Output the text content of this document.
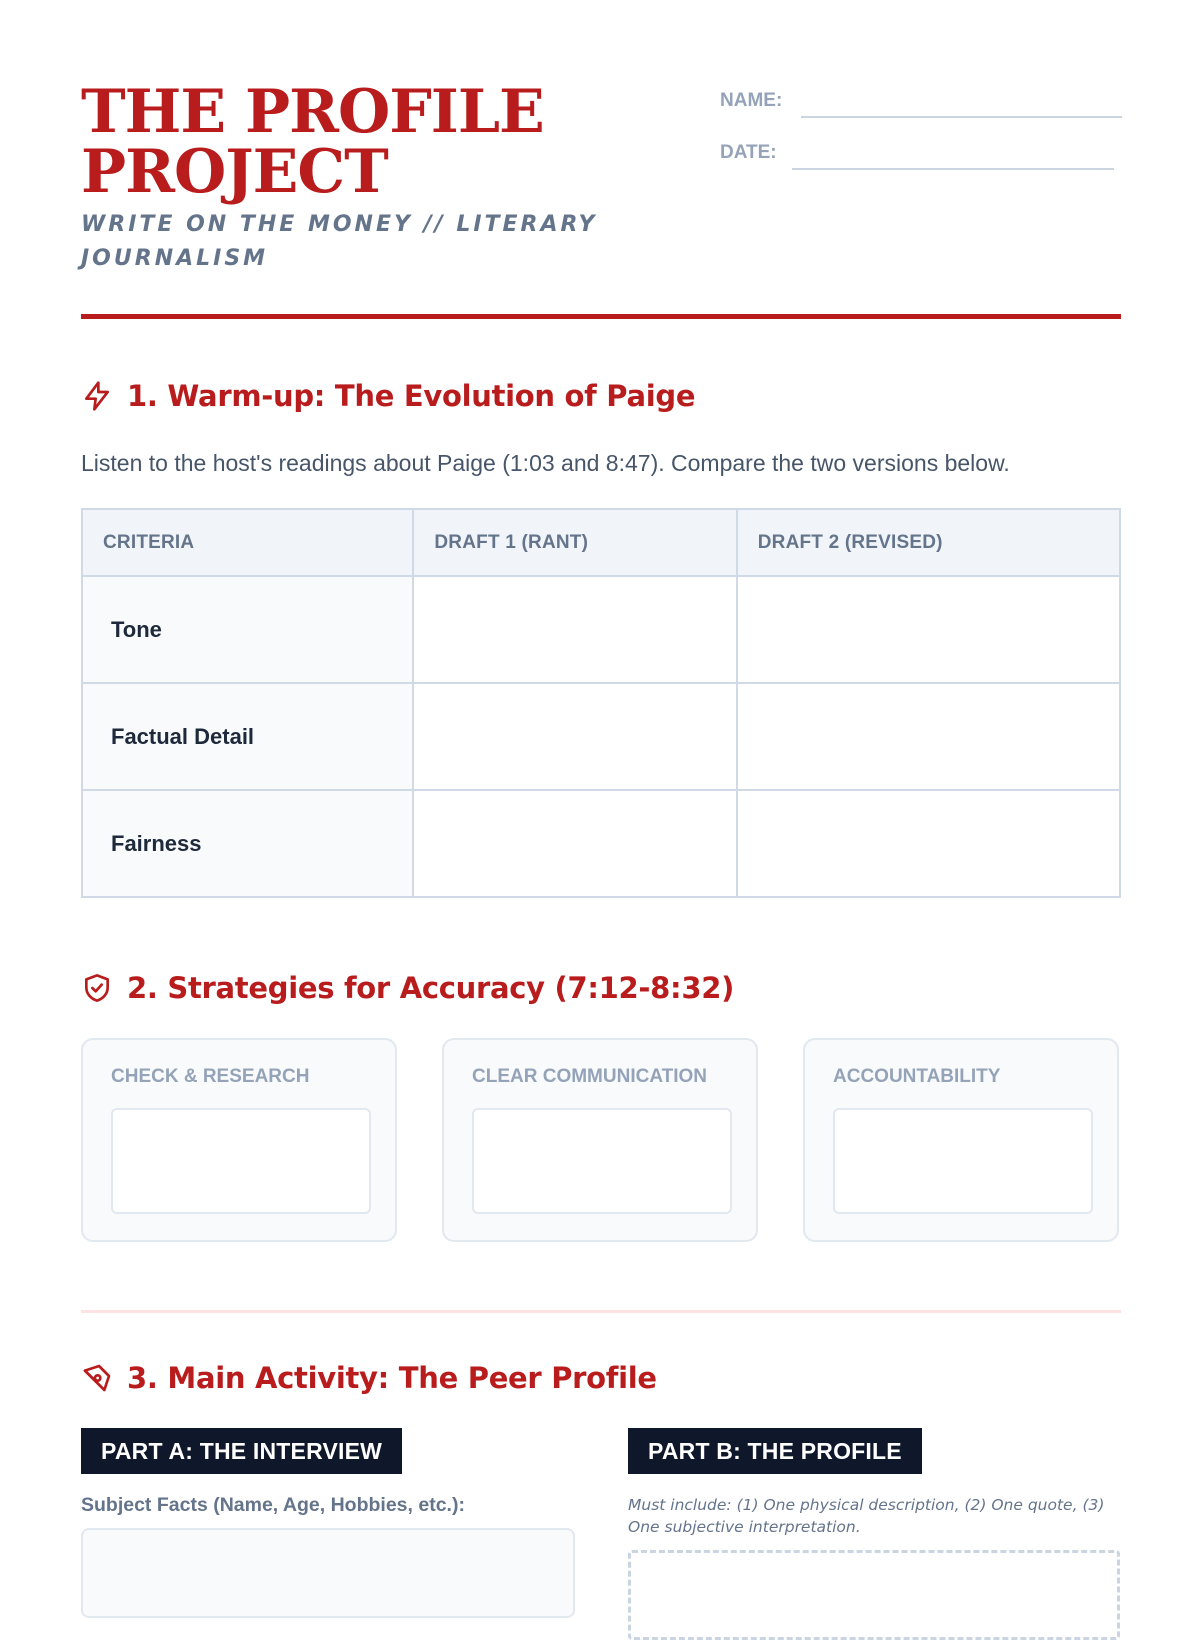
THE PROFILE
PROJECT
WRITE ON THE MONEY // LITERARY
JOURNALISM
NAME:
DATE:
1. Warm-up: The Evolution of Paige
Listen to the host's readings about Paige (1:03 and 8:47). Compare the two versions below.
CRITERIA	DRAFT 1 (RANT)	DRAFT 2 (REVISED)
Tone		
Factual Detail		
Fairness		
2. Strategies for Accuracy (7:12-8:32)
CHECK & RESEARCH	CLEAR COMMUNICATION	ACCOUNTABILITY
3. Main Activity: The Peer Profile
PART A: THE INTERVIEW
Subject Facts (Name, Age, Hobbies, etc.):
PART B: THE PROFILE
Must include: (1) One physical description, (2) One quote, (3) One subjective interpretation.
